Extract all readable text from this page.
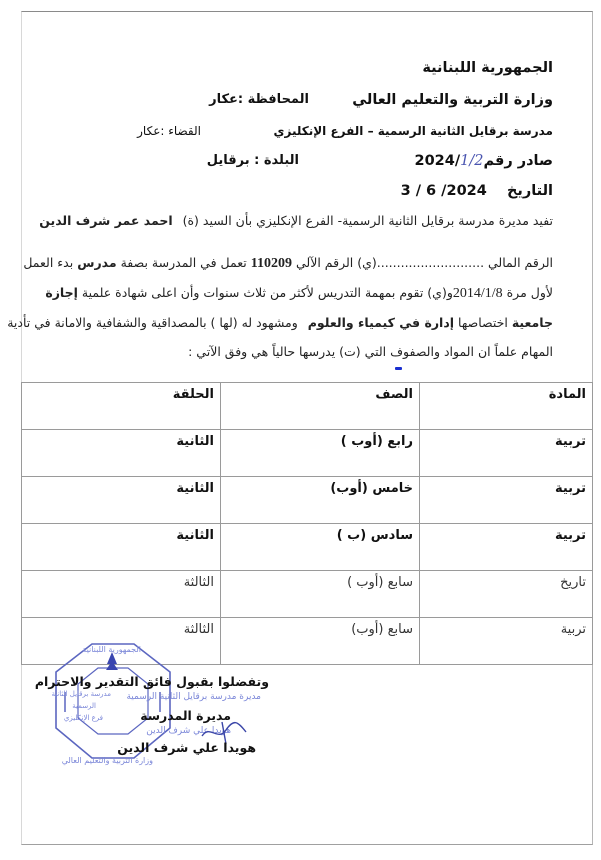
الجمهورية اللبنانية
وزارة التربية والتعليم العالي
المحافظة :عكار
مدرسة برقايل الثانية الرسمية – الفرع الإنكليزي
القضاء :عكار
صادر رقم1/22024/
البلدة : برقايل
التاريخ  3 / 6 /2024
تفيد مديرة مدرسة برقايل الثانية الرسمية- الفرع الإنكليزي بأن السيد (ة) احمد عمر شرف الدين
الرقم المالي ...........................(ي) الرقم الآلي 110209 تعمل في المدرسة بصفة مدرس بدء العمل
لأول مرة 2014/1/8و(ي) تقوم بمهمة التدريس لأكثر من ثلاث سنوات وأن اعلى شهادة علمية إجازة
جامعية اختصاصها إدارة في كيمياء والعلوم ومشهود له (لها ) بالمصداقية والشفافية والامانة في تأدية
المهام علماً ان المواد والصفوف التي (ت) يدرسها حالياً هي وفق الآتي :
المادة	الصف	الحلقة
تربية	رابع (أوب )	الثانية
تربية	خامس (أوب)	الثانية
تربية	سادس (ب )	الثانية
تاريخ	سابع (أوب )	الثالثة
تربية	سابع (أوب)	الثالثة
مدرسة برقايل الثانية
الرسمية
فرع الإنكليزي
الجمهورية اللبنانية
وزارة التربية والتعليم العالي
وتفضلوا بقبول فائق التقدير والاحترام
مديرة مدرسة برقايل الثانية الرسمية
مديرة المدرسة
هويدا علي شرف الدين
هويدا علي شرف الدين
